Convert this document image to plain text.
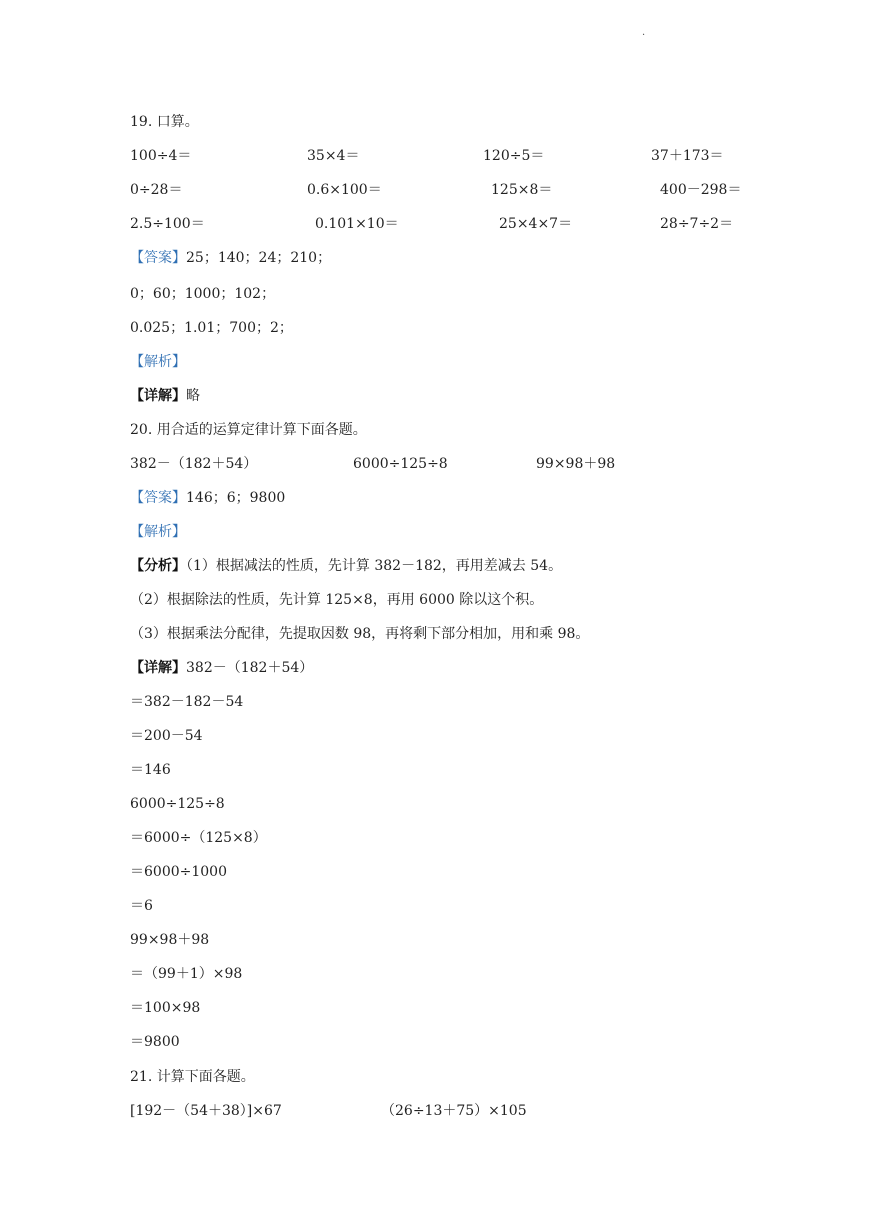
·
19. 口算。
100÷4＝	35×4＝	120÷5＝	37＋173＝
0÷28＝	0.6×100＝	125×8＝	400－298＝
2.5÷100＝	0.101×10＝	25×4×7＝	28÷7÷2＝
【答案】25；140；24；210；
0；60；1000；102；
0.025；1.01；700；2；
【解析】
【详解】略
20. 用合适的运算定律计算下面各题。
382－（182＋54）	6000÷125÷8	99×98＋98
【答案】146；6；9800
【解析】
【分析】（1）根据减法的性质，先计算 382－182，再用差减去 54。
（2）根据除法的性质，先计算 125×8，再用 6000 除以这个积。
（3）根据乘法分配律，先提取因数 98，再将剩下部分相加，用和乘 98。
【详解】382－（182＋54）
＝382－182－54
＝200－54
＝146
6000÷125÷8
＝6000÷（125×8）
＝6000÷1000
＝6
99×98＋98
＝（99＋1）×98
＝100×98
＝9800
21. 计算下面各题。
[192－（54＋38）]×67	（26÷13＋75）×105
